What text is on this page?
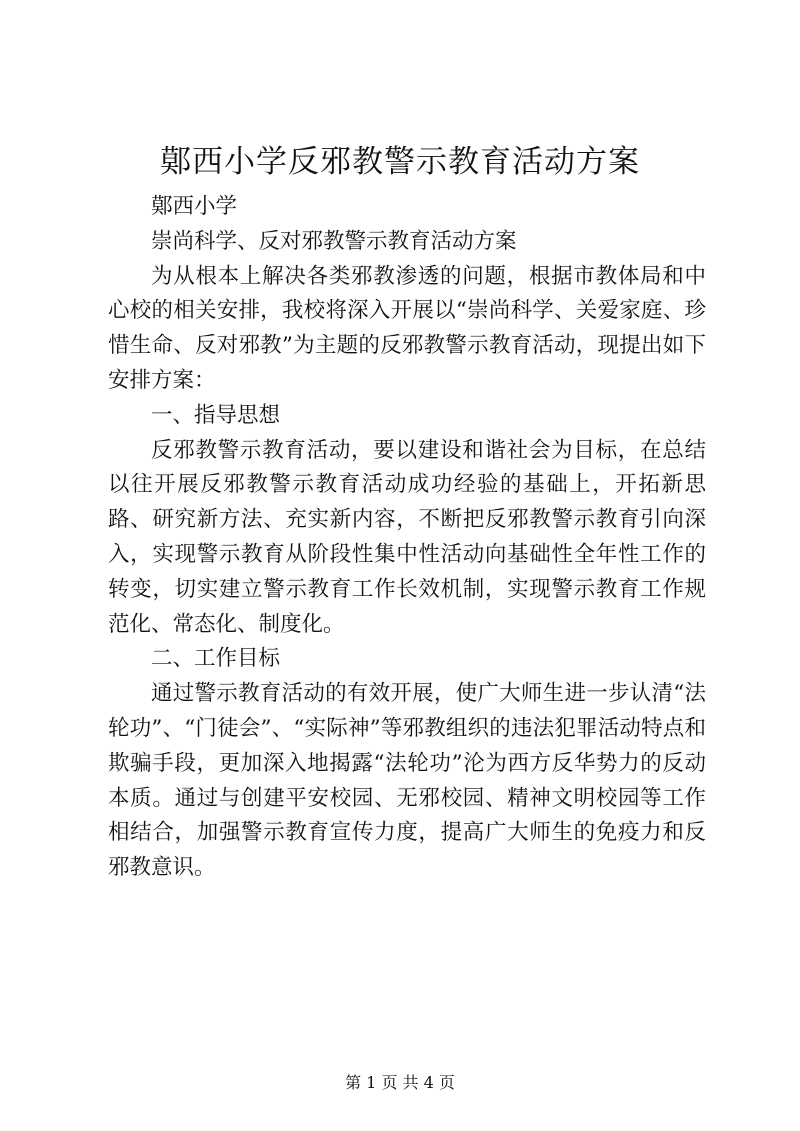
鄚西小学反邪教警示教育活动方案

鄚西小学

崇尚科学、反对邪教警示教育活动方案

为从根本上解决各类邪教渗透的问题，根据市教体局和中心校的相关安排，我校将深入开展以“崇尚科学、关爱家庭、珍惜生命、反对邪教”为主题的反邪教警示教育活动，现提出如下安排方案：

一、指导思想

反邪教警示教育活动，要以建设和谐社会为目标，在总结以往开展反邪教警示教育活动成功经验的基础上，开拓新思路、研究新方法、充实新内容，不断把反邪教警示教育引向深入，实现警示教育从阶段性集中性活动向基础性全年性工作的转变，切实建立警示教育工作长效机制，实现警示教育工作规范化、常态化、制度化。

二、工作目标

通过警示教育活动的有效开展，使广大师生进一步认清“法轮功”、“门徒会”、“实际神”等邪教组织的违法犯罪活动特点和欺骗手段，更加深入地揭露“法轮功”沦为西方反华势力的反动本质。通过与创建平安校园、无邪校园、精神文明校园等工作相结合，加强警示教育宣传力度，提高广大师生的免疫力和反邪教意识。

第 1 页 共 4 页
